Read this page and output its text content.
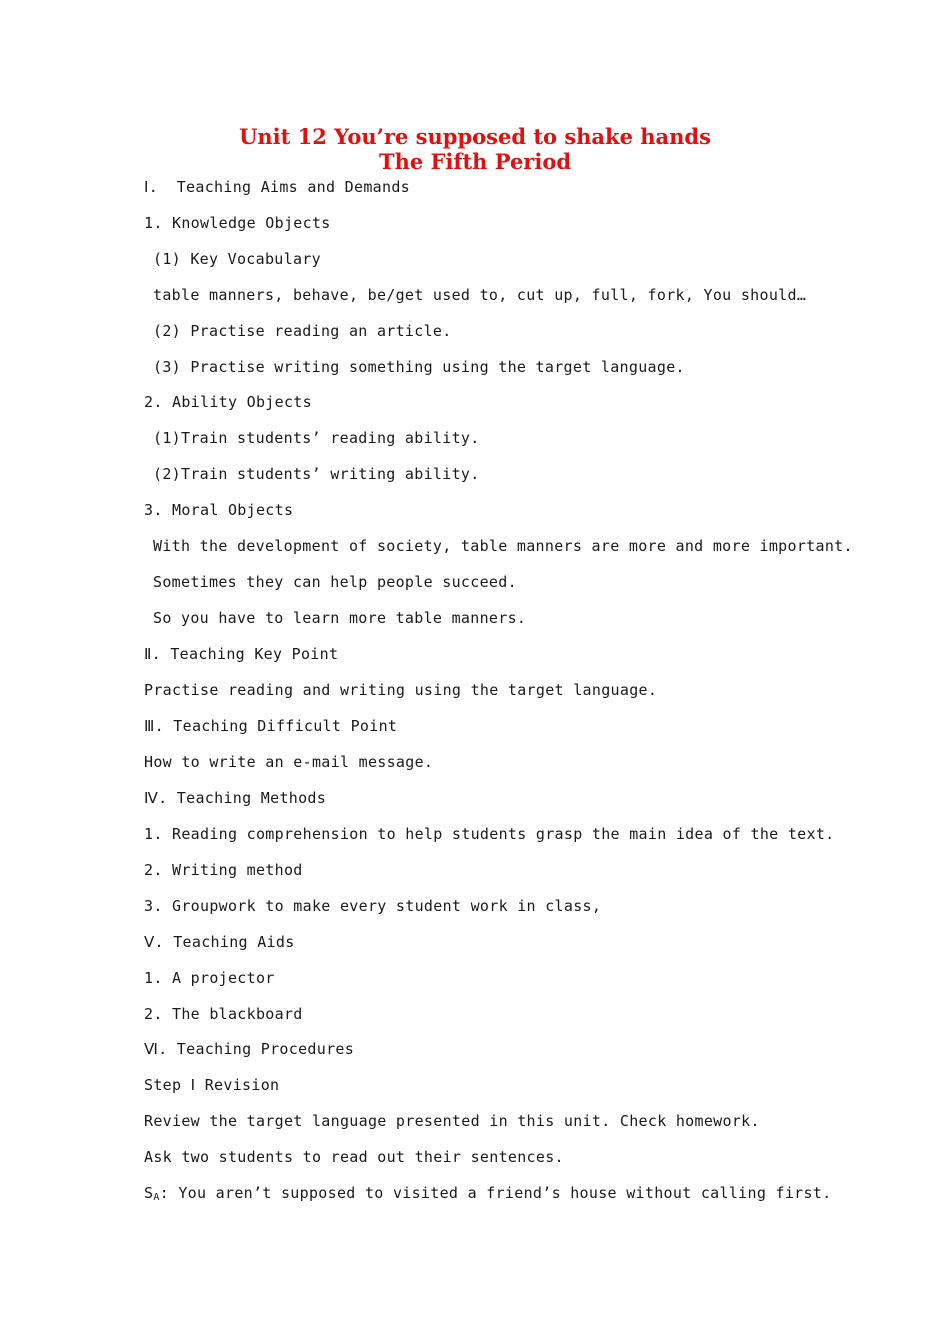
Unit 12 You’re supposed to shake hands
The Fifth Period
Ⅰ.  Teaching Aims and Demands
1. Knowledge Objects
(1) Key Vocabulary
table manners, behave, be/get used to, cut up, full, fork, You should…
(2) Practise reading an article.
(3) Practise writing something using the target language.
2. Ability Objects
(1)Train students’ reading ability.
(2)Train students’ writing ability.
3. Moral Objects
With the development of society, table manners are more and more important.
Sometimes they can help people succeed.
So you have to learn more table manners.
Ⅱ. Teaching Key Point
Practise reading and writing using the target language.
Ⅲ. Teaching Difficult Point
How to write an e-mail message.
Ⅳ. Teaching Methods
1. Reading comprehension to help students grasp the main idea of the text.
2. Writing method
3. Groupwork to make every student work in class,
Ⅴ. Teaching Aids
1. A projector
2. The blackboard
Ⅵ. Teaching Procedures
Step Ⅰ Revision
Review the target language presented in this unit. Check homework.
Ask two students to read out their sentences.
$S_A$: You aren’t supposed to visited a friend’s house without calling first.
